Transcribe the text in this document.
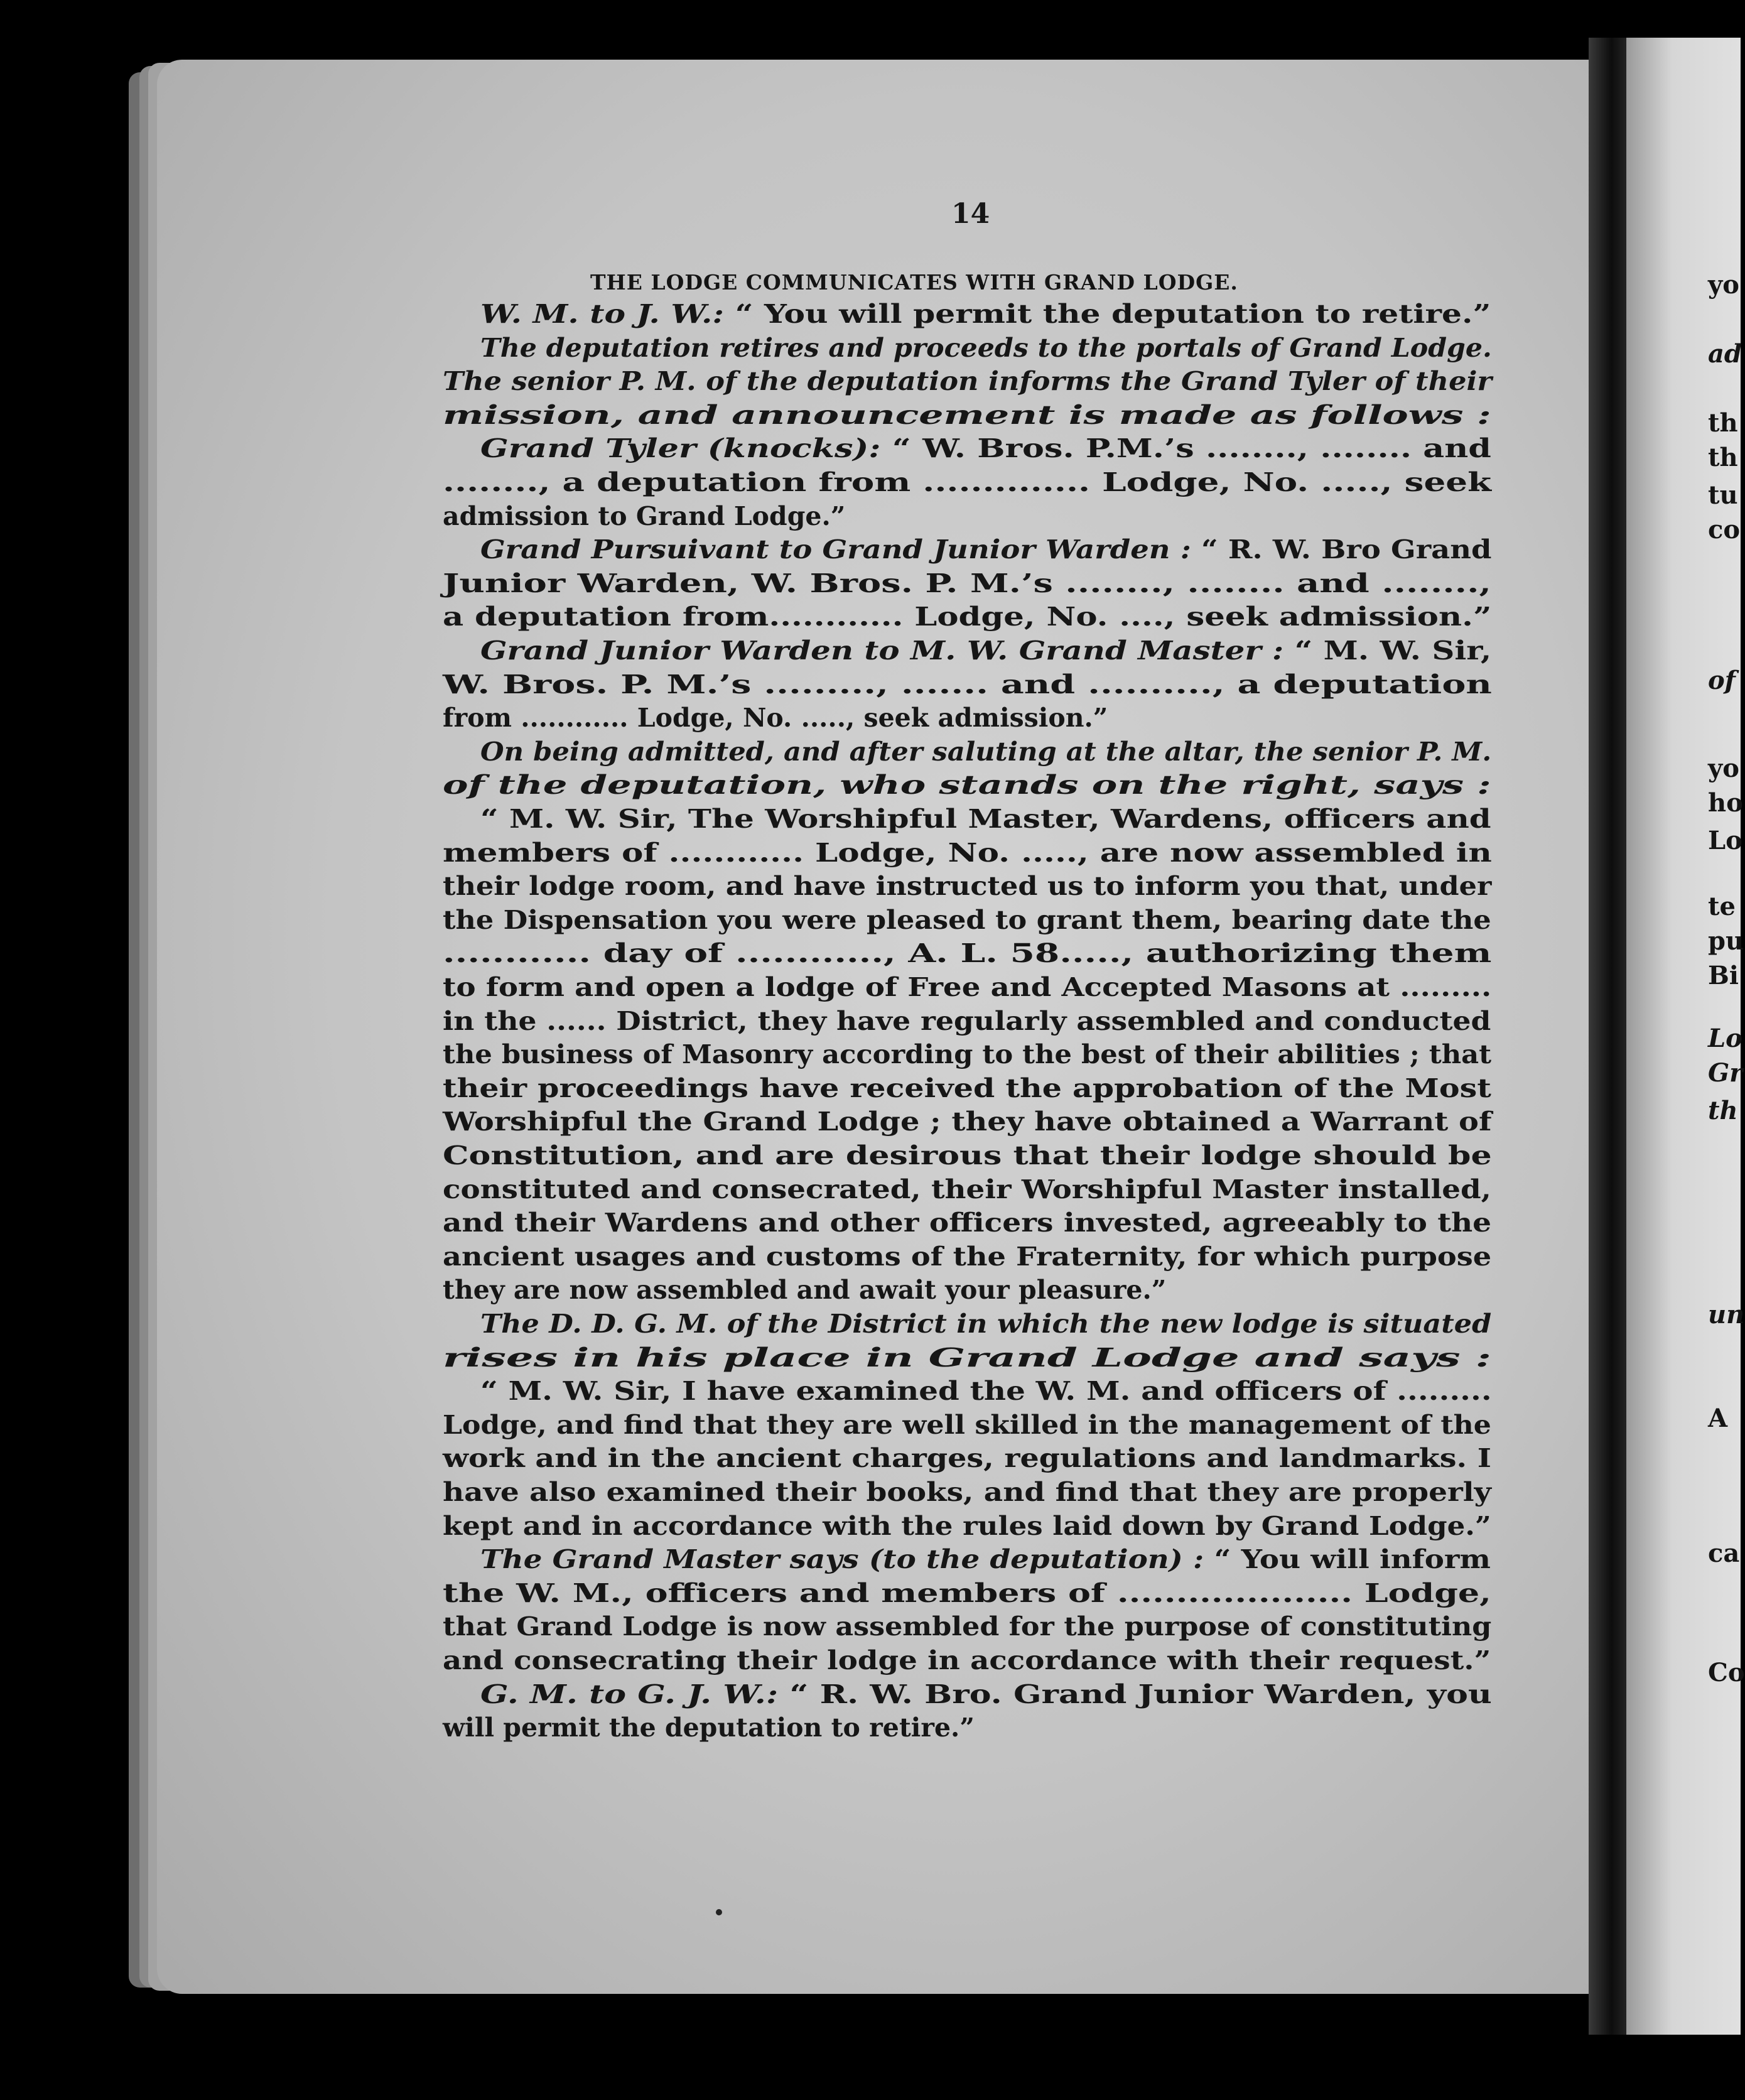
yo
ad
th
th
tu
co
of
yo
ho
Lo
te
pu
Bi
Lo
Gr
th
un
A
ca
Co
14
THE LODGE COMMUNICATES WITH GRAND LODGE.
W. M. to J. W.: “ You will permit the deputation to retire.”
The deputation retires and proceeds to the portals of Grand Lodge.
The senior P. M. of the deputation informs the Grand Tyler of their
mission, and announcement is made as follows :
Grand Tyler (knocks): “ W. Bros. P.M.’s ........, ........ and
........, a deputation from .............. Lodge, No. ....., seek
admission to Grand Lodge.”
Grand Pursuivant to Grand Junior Warden : “ R. W. Bro Grand
Junior Warden, W. Bros. P. M.’s ........, ........ and ........,
a deputation from............ Lodge, No. ...., seek admission.”
Grand Junior Warden to M. W. Grand Master : “ M. W. Sir,
W. Bros. P. M.’s ........., ....... and .........., a deputation
from ............ Lodge, No. ....., seek admission.”
On being admitted, and after saluting at the altar, the senior P. M.
of the deputation, who stands on the right, says :
“ M. W. Sir, The Worshipful Master, Wardens, officers and
members of ............ Lodge, No. ....., are now assembled in
their lodge room, and have instructed us to inform you that, under
the Dispensation you were pleased to grant them, bearing date the
............ day of ............, A. L. 58....., authorizing them
to form and open a lodge of Free and Accepted Masons at .........
in the ...... District, they have regularly assembled and conducted
the business of Masonry according to the best of their abilities ; that
their proceedings have received the approbation of the Most
Worshipful the Grand Lodge ; they have obtained a Warrant of
Constitution, and are desirous that their lodge should be
constituted and consecrated, their Worshipful Master installed,
and their Wardens and other officers invested, agreeably to the
ancient usages and customs of the Fraternity, for which purpose
they are now assembled and await your pleasure.”
The D. D. G. M. of the District in which the new lodge is situated
rises in his place in Grand Lodge and says :
“ M. W. Sir, I have examined the W. M. and officers of .........
Lodge, and find that they are well skilled in the management of the
work and in the ancient charges, regulations and landmarks. I
have also examined their books, and find that they are properly
kept and in accordance with the rules laid down by Grand Lodge.”
The Grand Master says (to the deputation) : “ You will inform
the W. M., officers and members of .................... Lodge,
that Grand Lodge is now assembled for the purpose of constituting
and consecrating their lodge in accordance with their request.”
G. M. to G. J. W.: “ R. W. Bro. Grand Junior Warden, you
will permit the deputation to retire.”
